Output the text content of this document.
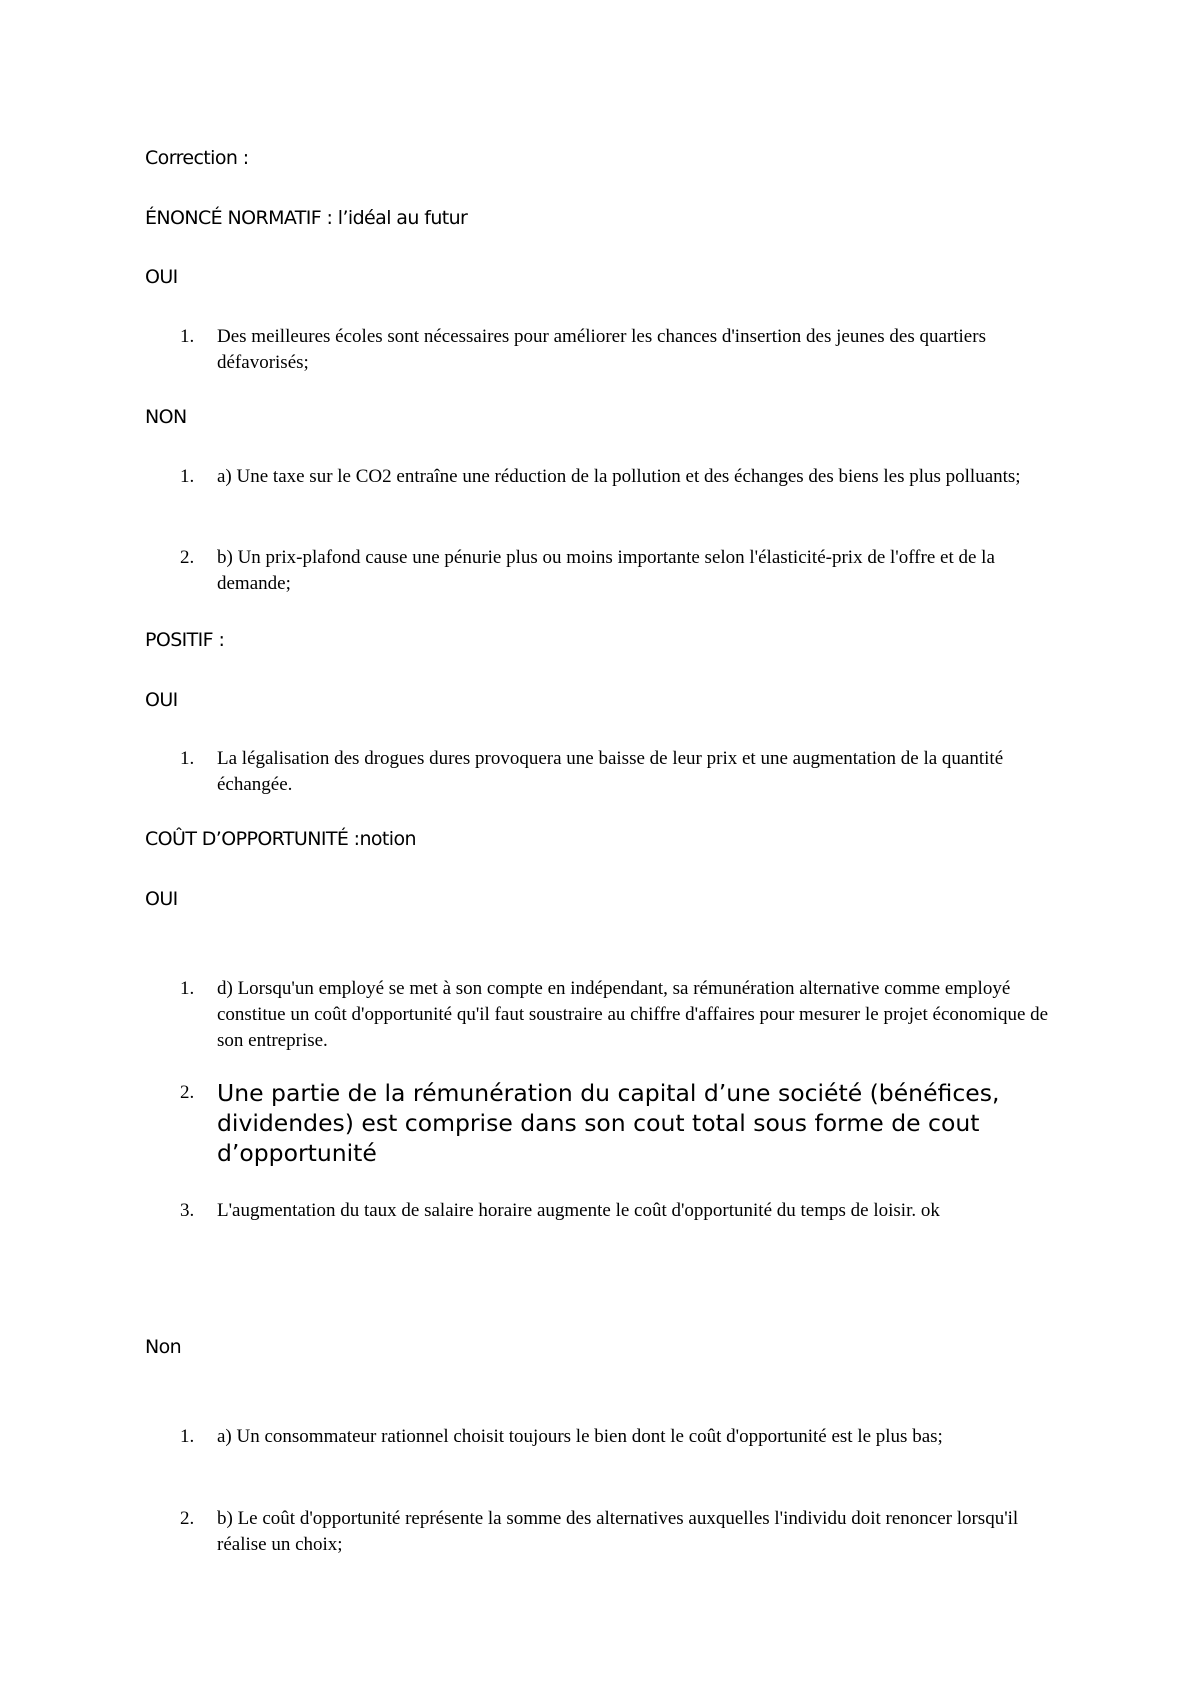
Correction :

ÉNONCÉ NORMATIF : l’idéal au futur

OUI

1.	Des meilleures écoles sont nécessaires pour améliorer les chances d'insertion des jeunes des quartiers défavorisés;

NON

1.	a) Une taxe sur le CO2 entraîne une réduction de la pollution et des échanges des biens les plus polluants;
2.	b) Un prix-plafond cause une pénurie plus ou moins importante selon l'élasticité-prix de l'offre et de la demande;

POSITIF :

OUI

1.	La légalisation des drogues dures provoquera une baisse de leur prix et une augmentation de la quantité échangée.

COÛT D’OPPORTUNITÉ :notion

OUI

1.	d) Lorsqu'un employé se met à son compte en indépendant, sa rémunération alternative comme employé constitue un coût d'opportunité qu'il faut soustraire au chiffre d'affaires pour mesurer le projet économique de son entreprise.
2. Une partie de la rémunération du capital d’une société (bénéfices, dividendes) est comprise dans son cout total sous forme de cout d’opportunité
3.	L'augmentation du taux de salaire horaire augmente le coût d'opportunité du temps de loisir. ok

Non

1.	a) Un consommateur rationnel choisit toujours le bien dont le coût d'opportunité est le plus bas;
2.	b) Le coût d'opportunité représente la somme des alternatives auxquelles l'individu doit renoncer lorsqu'il réalise un choix;
